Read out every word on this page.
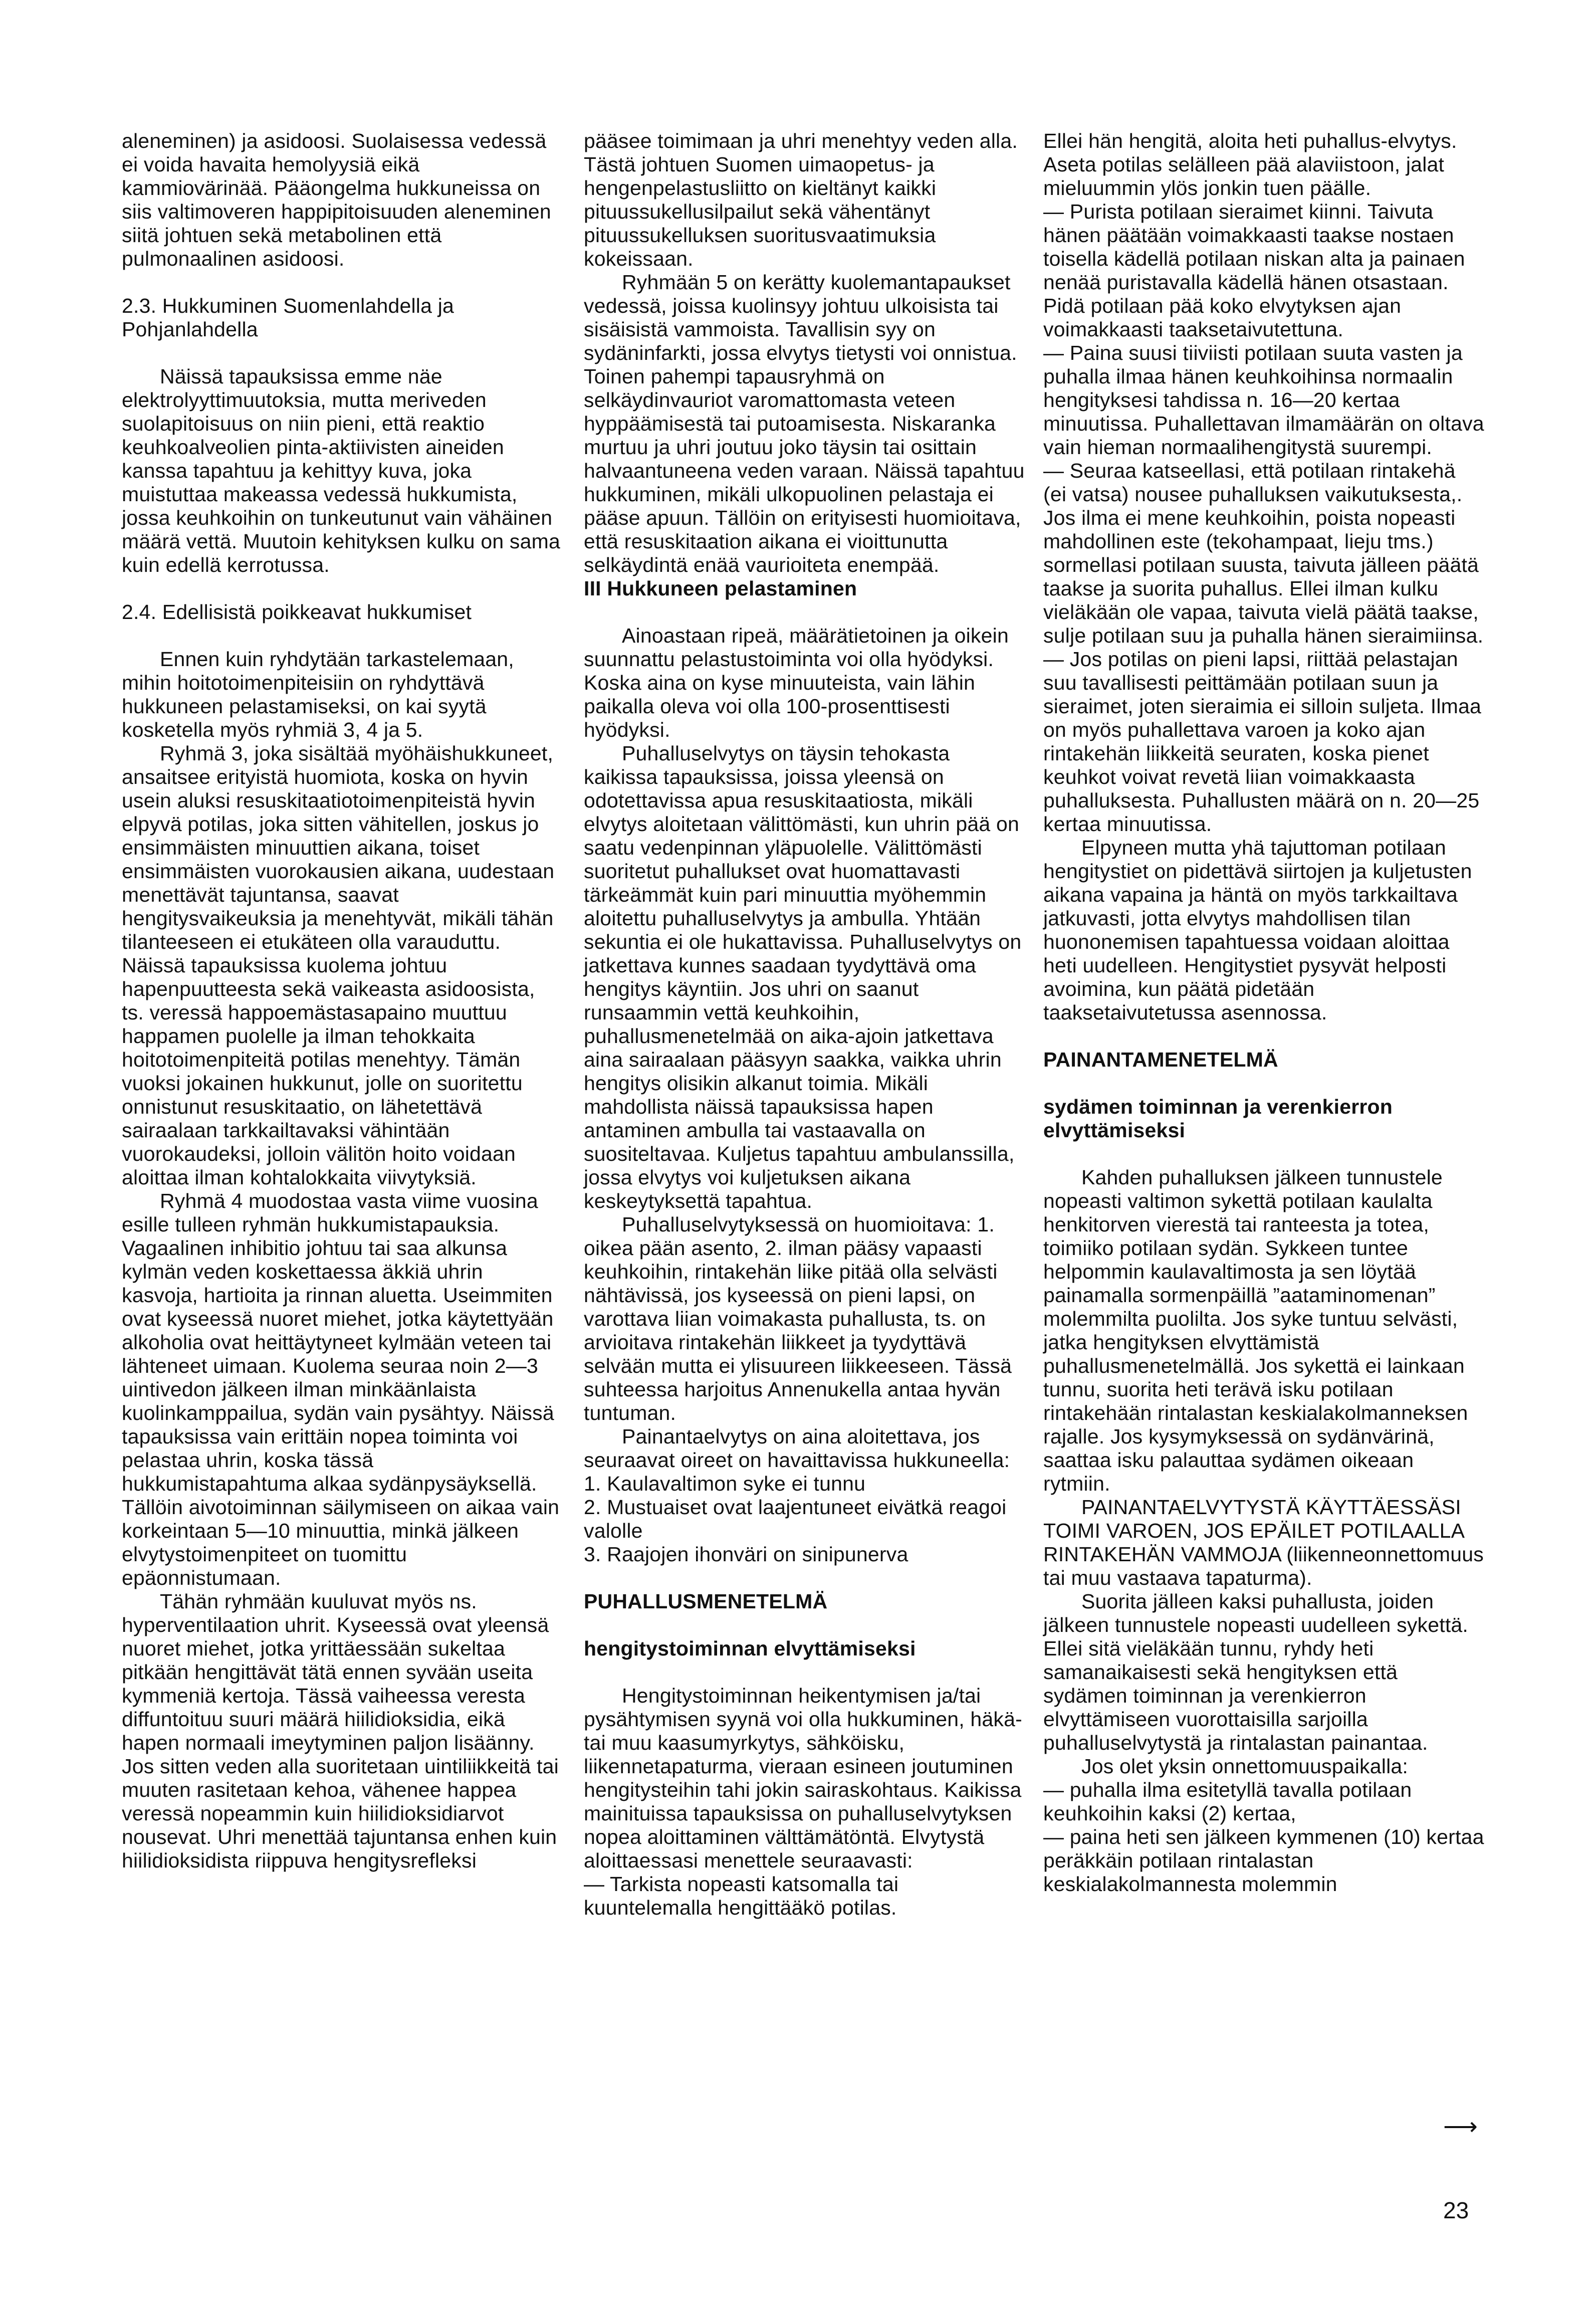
aleneminen) ja asidoosi. Suolaisessa vedessä ei voida havaita hemolyysiä eikä kammiovärinää. Pääongelma hukkuneissa on siis valtimoveren happipitoisuuden aleneminen siitä johtuen sekä metabolinen että pulmonaalinen asidoosi.

2.3. Hukkuminen Suomenlahdella ja Pohjanlahdella

Näissä tapauksissa emme näe elektrolyyttimuutoksia, mutta meriveden suolapitoisuus on niin pieni, että reaktio keuhkoalveolien pinta-aktiivisten aineiden kanssa tapahtuu ja kehittyy kuva, joka muistuttaa makeassa vedessä hukkumista, jossa keuhkoihin on tunkeutunut vain vähäinen määrä vettä. Muutoin kehityksen kulku on sama kuin edellä kerrotussa.

2.4. Edellisistä poikkeavat hukkumiset

Ennen kuin ryhdytään tarkastelemaan, mihin hoitotoimenpiteisiin on ryhdyttävä hukkuneen pelastamiseksi, on kai syytä kosketella myös ryhmiä 3, 4 ja 5.

Ryhmä 3, joka sisältää myöhäishukkuneet, ansaitsee erityistä huomiota, koska on hyvin usein aluksi resuskitaatiotoimenpiteistä hyvin elpyvä potilas, joka sitten vähitellen, joskus jo ensimmäisten minuuttien aikana, toiset ensimmäisten vuorokausien aikana, uudestaan menettävät tajuntansa, saavat hengitysvaikeuksia ja menehtyvät, mikäli tähän tilanteeseen ei etukäteen olla varauduttu. Näissä tapauksissa kuolema johtuu hapenpuutteesta sekä vaikeasta asidoosista, ts. veressä happoemästasapaino muuttuu happamen puolelle ja ilman tehokkaita hoitotoimenpiteitä potilas menehtyy. Tämän vuoksi jokainen hukkunut, jolle on suoritettu onnistunut resuskitaatio, on lähetettävä sairaalaan tarkkailtavaksi vähintään vuorokaudeksi, jolloin välitön hoito voidaan aloittaa ilman kohtalokkaita viivytyksiä.

Ryhmä 4 muodostaa vasta viime vuosina esille tulleen ryhmän hukkumistapauksia. Vagaalinen inhibitio johtuu tai saa alkunsa kylmän veden koskettaessa äkkiä uhrin kasvoja, hartioita ja rinnan aluetta. Useimmiten ovat kyseessä nuoret miehet, jotka käytettyään alkoholia ovat heittäytyneet kylmään veteen tai lähteneet uimaan. Kuolema seuraa noin 2—3 uintivedon jälkeen ilman minkäänlaista kuolinkamppailua, sydän vain pysähtyy. Näissä tapauksissa vain erittäin nopea toiminta voi pelastaa uhrin, koska tässä hukkumistapahtuma alkaa sydänpysäyksellä. Tällöin aivotoiminnan säilymiseen on aikaa vain korkeintaan 5—10 minuuttia, minkä jälkeen elvytystoimenpiteet on tuomittu epäonnistumaan.

Tähän ryhmään kuuluvat myös ns. hyperventilaation uhrit. Kyseessä ovat yleensä nuoret miehet, jotka yrittäessään sukeltaa pitkään hengittävät tätä ennen syvään useita kymmeniä kertoja. Tässä vaiheessa veresta diffuntoituu suuri määrä hiilidioksidia, eikä hapen normaali imeytyminen paljon lisäänny. Jos sitten veden alla suoritetaan uintiliikkeitä tai muuten rasitetaan kehoa, vähenee happea veressä nopeammin kuin hiilidioksidiarvot nousevat. Uhri menettää tajuntansa enhen kuin hiilidioksidista riippuva hengitysrefleksi

pääsee toimimaan ja uhri menehtyy veden alla. Tästä johtuen Suomen uimaopetus- ja hengenpelastusliitto on kieltänyt kaikki pituussukellusilpailut sekä vähentänyt pituussukelluksen suoritusvaatimuksia kokeissaan.

Ryhmään 5 on kerätty kuolemantapaukset vedessä, joissa kuolinsyy johtuu ulkoisista tai sisäisistä vammoista. Tavallisin syy on sydäninfarkti, jossa elvytys tietysti voi onnistua. Toinen pahempi tapausryhmä on selkäydinvauriot varomattomasta veteen hyppäämisestä tai putoamisesta. Niskaranka murtuu ja uhri joutuu joko täysin tai osittain halvaantuneena veden varaan. Näissä tapahtuu hukkuminen, mikäli ulkopuolinen pelastaja ei pääse apuun. Tällöin on erityisesti huomioitava, että resuskitaation aikana ei vioittunutta selkäydintä enää vaurioiteta enempää.

III Hukkuneen pelastaminen

Ainoastaan ripeä, määrätietoinen ja oikein suunnattu pelastustoiminta voi olla hyödyksi. Koska aina on kyse minuuteista, vain lähin paikalla oleva voi olla 100-prosenttisesti hyödyksi.

Puhalluselvytys on täysin tehokasta kaikissa tapauksissa, joissa yleensä on odotettavissa apua resuskitaatiosta, mikäli elvytys aloitetaan välittömästi, kun uhrin pää on saatu vedenpinnan yläpuolelle. Välittömästi suoritetut puhallukset ovat huomattavasti tärkeämmät kuin pari minuuttia myöhemmin aloitettu puhalluselvytys ja ambulla. Yhtään sekuntia ei ole hukattavissa. Puhalluselvytys on jatkettava kunnes saadaan tyydyttävä oma hengitys käyntiin. Jos uhri on saanut runsaammin vettä keuhkoihin, puhallusmenetelmää on aika-ajoin jatkettava aina sairaalaan pääsyyn saakka, vaikka uhrin hengitys olisikin alkanut toimia. Mikäli mahdollista näissä tapauksissa hapen antaminen ambulla tai vastaavalla on suositeltavaa. Kuljetus tapahtuu ambulanssilla, jossa elvytys voi kuljetuksen aikana keskeytyksettä tapahtua.

Puhalluselvytyksessä on huomioitava: 1. oikea pään asento, 2. ilman pääsy vapaasti keuhkoihin, rintakehän liike pitää olla selvästi nähtävissä, jos kyseessä on pieni lapsi, on varottava liian voimakasta puhallusta, ts. on arvioitava rintakehän liikkeet ja tyydyttävä selvään mutta ei ylisuureen liikkeeseen. Tässä suhteessa harjoitus Annenukella antaa hyvän tuntuman.

Painantaelvytys on aina aloitettava, jos seuraavat oireet on havaittavissa hukkuneella:

1. Kaulavaltimon syke ei tunnu

2. Mustuaiset ovat laajentuneet eivätkä reagoi valolle

3. Raajojen ihonväri on sinipunerva

PUHALLUSMENETELMÄ

hengitystoiminnan elvyttämiseksi

Hengitystoiminnan heikentymisen ja/tai pysähtymisen syynä voi olla hukkuminen, häkä- tai muu kaasumyrkytys, sähköisku, liikennetapaturma, vieraan esineen joutuminen hengitysteihin tahi jokin sairaskohtaus. Kaikissa mainituissa tapauksissa on puhalluselvytyksen nopea aloittaminen välttämätöntä. Elvytystä aloittaessasi menettele seuraavasti:

— Tarkista nopeasti katsomalla tai kuuntelemalla hengittääkö potilas.

Ellei hän hengitä, aloita heti puhallus-elvytys. Aseta potilas selälleen pää alaviistoon, jalat mieluummin ylös jonkin tuen päälle.

— Purista potilaan sieraimet kiinni. Taivuta hänen päätään voimakkaasti taakse nostaen toisella kädellä potilaan niskan alta ja painaen nenää puristavalla kädellä hänen otsastaan. Pidä potilaan pää koko elvytyksen ajan voimakkaasti taaksetaivutettuna.

— Paina suusi tiiviisti potilaan suuta vasten ja puhalla ilmaa hänen keuhkoihinsa normaalin hengityksesi tahdissa n. 16—20 kertaa minuutissa. Puhallettavan ilmamäärän on oltava vain hieman normaalihengitystä suurempi.

— Seuraa katseellasi, että potilaan rintakehä (ei vatsa) nousee puhalluksen vaikutuksesta,. Jos ilma ei mene keuhkoihin, poista nopeasti mahdollinen este (tekohampaat, lieju tms.) sormellasi potilaan suusta, taivuta jälleen päätä taakse ja suorita puhallus. Ellei ilman kulku vieläkään ole vapaa, taivuta vielä päätä taakse, sulje potilaan suu ja puhalla hänen sieraimiinsa.

— Jos potilas on pieni lapsi, riittää pelastajan suu tavallisesti peittämään potilaan suun ja sieraimet, joten sieraimia ei silloin suljeta. Ilmaa on myös puhallettava varoen ja koko ajan rintakehän liikkeitä seuraten, koska pienet keuhkot voivat revetä liian voimakkaasta puhalluksesta. Puhallusten määrä on n. 20—25 kertaa minuutissa.

Elpyneen mutta yhä tajuttoman potilaan hengitystiet on pidettävä siirtojen ja kuljetusten aikana vapaina ja häntä on myös tarkkailtava jatkuvasti, jotta elvytys mahdollisen tilan huononemisen tapahtuessa voidaan aloittaa heti uudelleen. Hengitystiet pysyvät helposti avoimina, kun päätä pidetään taaksetaivutetussa asennossa.

PAINANTAMENETELMÄ

sydämen toiminnan ja verenkierron elvyttämiseksi

Kahden puhalluksen jälkeen tunnustele nopeasti valtimon sykettä potilaan kaulalta henkitorven vierestä tai ranteesta ja totea, toimiiko potilaan sydän. Sykkeen tuntee helpommin kaulavaltimosta ja sen löytää painamalla sormenpäillä ”aataminomenan” molemmilta puolilta. Jos syke tuntuu selvästi, jatka hengityksen elvyttämistä puhallusmenetelmällä. Jos sykettä ei lainkaan tunnu, suorita heti terävä isku potilaan rintakehään rintalastan keskialakolmanneksen rajalle. Jos kysymyksessä on sydänvärinä, saattaa isku palauttaa sydämen oikeaan rytmiin.

PAINANTAELVYTYSTÄ KÄYTTÄESSÄSI TOIMI VAROEN, JOS EPÄILET POTILAALLA RINTAKEHÄN VAMMOJA (liikenneonnettomuus tai muu vastaava tapaturma).

Suorita jälleen kaksi puhallusta, joiden jälkeen tunnustele nopeasti uudelleen sykettä. Ellei sitä vieläkään tunnu, ryhdy heti samanaikaisesti sekä hengityksen että sydämen toiminnan ja verenkierron elvyttämiseen vuorottaisilla sarjoilla puhalluselvytystä ja rintalastan painantaa.

Jos olet yksin onnettomuuspaikalla:

— puhalla ilma esitetyllä tavalla potilaan keuhkoihin kaksi (2) kertaa,

— paina heti sen jälkeen kymmenen (10) kertaa peräkkäin potilaan rintalastan keskialakolmannesta molemmin

⟶
23
